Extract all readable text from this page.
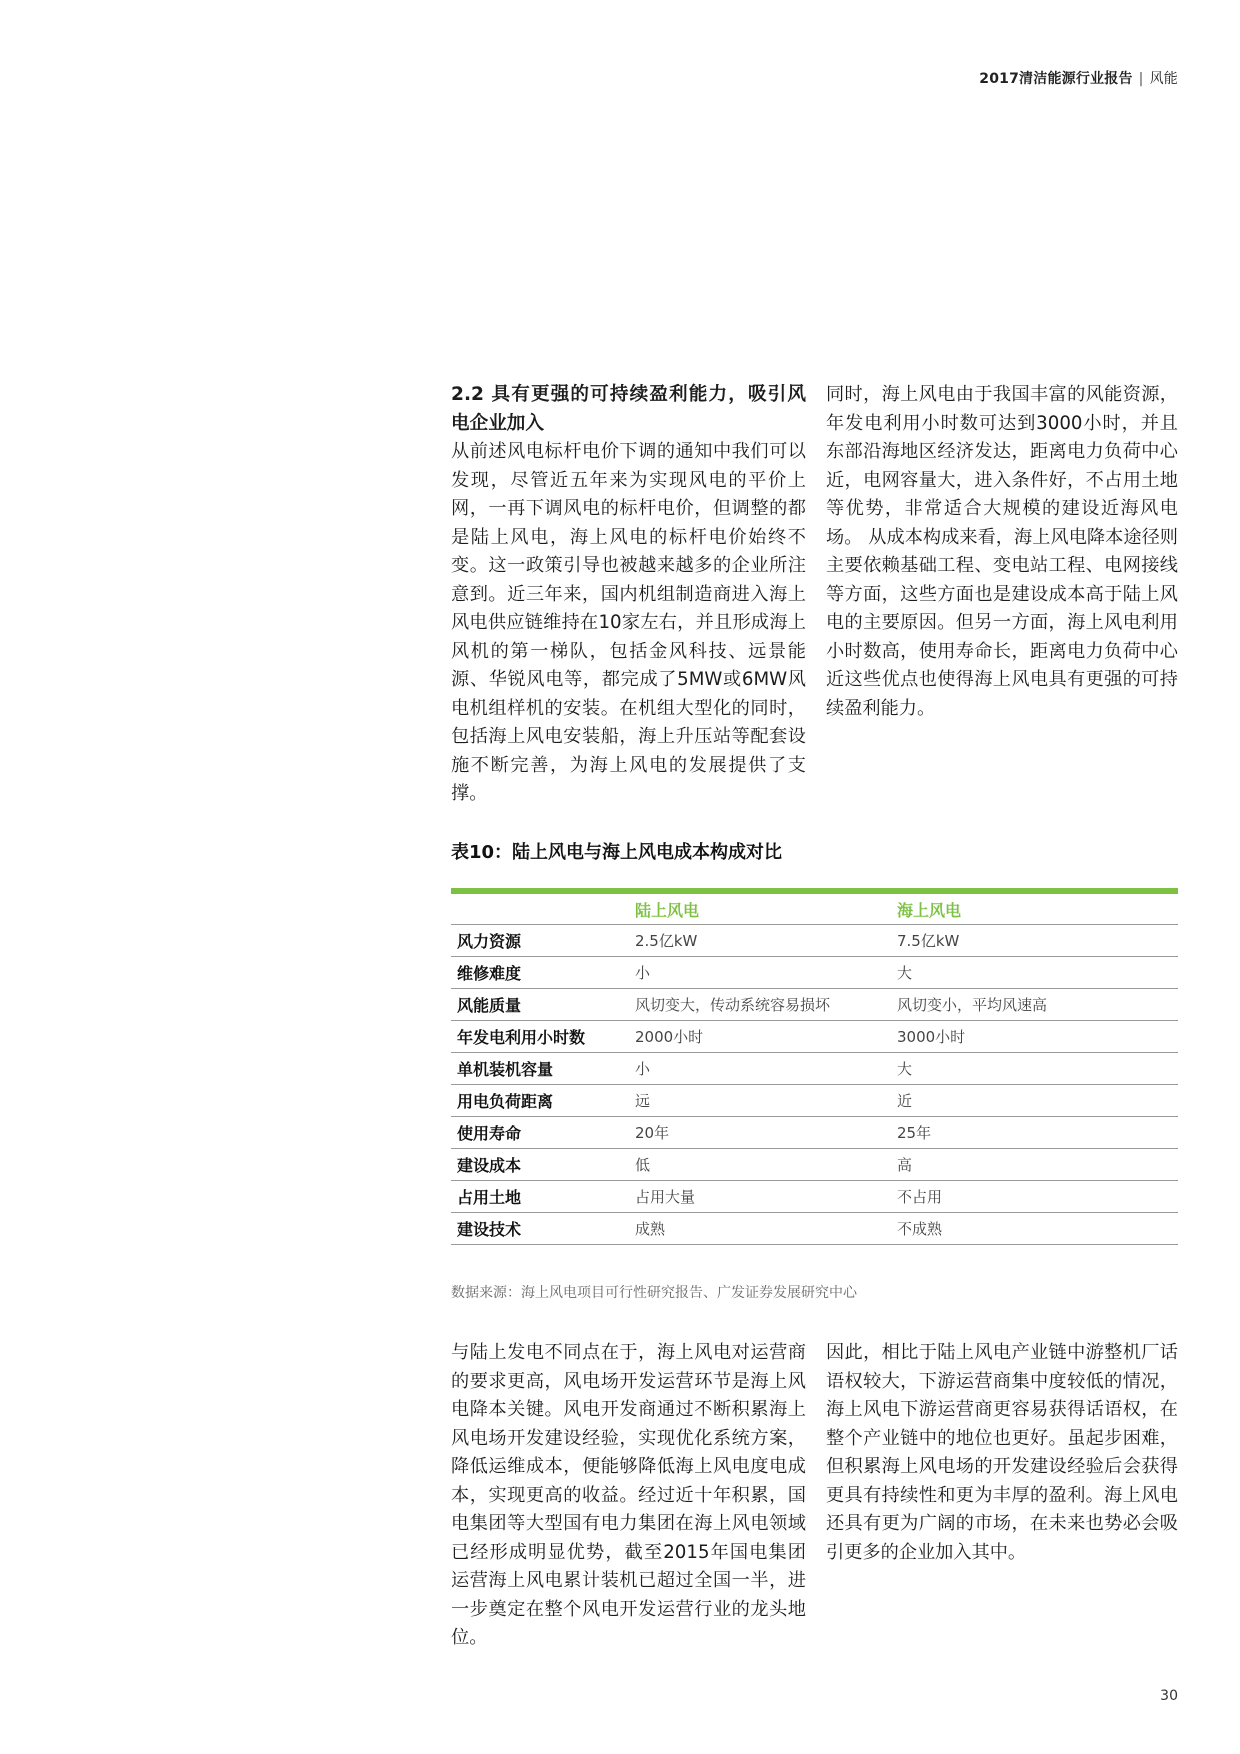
2017清洁能源行业报告 | 风能
2.2 具有更强的可持续盈利能力，吸引风电企业加入

从前述风电标杆电价下调的通知中我们可以发现，尽管近五年来为实现风电的平价上网，一再下调风电的标杆电价，但调整的都是陆上风电，海上风电的标杆电价始终不变。这一政策引导也被越来越多的企业所注意到。近三年来，国内机组制造商进入海上风电供应链维持在10家左右，并且形成海上风机的第一梯队，包括金风科技、远景能源、华锐风电等，都完成了5MW或6MW风电机组样机的安装。在机组大型化的同时，包括海上风电安装船，海上升压站等配套设施不断完善，为海上风电的发展提供了支撑。

同时，海上风电由于我国丰富的风能资源，年发电利用小时数可达到3000小时，并且东部沿海地区经济发达，距离电力负荷中心近，电网容量大，进入条件好，不占用土地等优势，非常适合大规模的建设近海风电场。 从成本构成来看，海上风电降本途径则主要依赖基础工程、变电站工程、电网接线等方面，这些方面也是建设成本高于陆上风电的主要原因。但另一方面，海上风电利用小时数高，使用寿命长，距离电力负荷中心近这些优点也使得海上风电具有更强的可持续盈利能力。

表10：陆上风电与海上风电成本构成对比
	陆上风电	海上风电
风力资源	2.5亿kW	7.5亿kW
维修难度	小	大
风能质量	风切变大，传动系统容易损坏	风切变小，平均风速高
年发电利用小时数	2000小时	3000小时
单机装机容量	小	大
用电负荷距离	远	近
使用寿命	20年	25年
建设成本	低	高
占用土地	占用大量	不占用
建设技术	成熟	不成熟
数据来源：海上风电项目可行性研究报告、广发证券发展研究中心

与陆上发电不同点在于，海上风电对运营商的要求更高，风电场开发运营环节是海上风电降本关键。风电开发商通过不断积累海上风电场开发建设经验，实现优化系统方案，降低运维成本，便能够降低海上风电度电成本，实现更高的收益。经过近十年积累，国电集团等大型国有电力集团在海上风电领域已经形成明显优势，截至2015年国电集团运营海上风电累计装机已超过全国一半，进一步奠定在整个风电开发运营行业的龙头地位。

因此，相比于陆上风电产业链中游整机厂话语权较大，下游运营商集中度较低的情况，海上风电下游运营商更容易获得话语权，在整个产业链中的地位也更好。虽起步困难，但积累海上风电场的开发建设经验后会获得更具有持续性和更为丰厚的盈利。海上风电还具有更为广阔的市场，在未来也势必会吸引更多的企业加入其中。

30
